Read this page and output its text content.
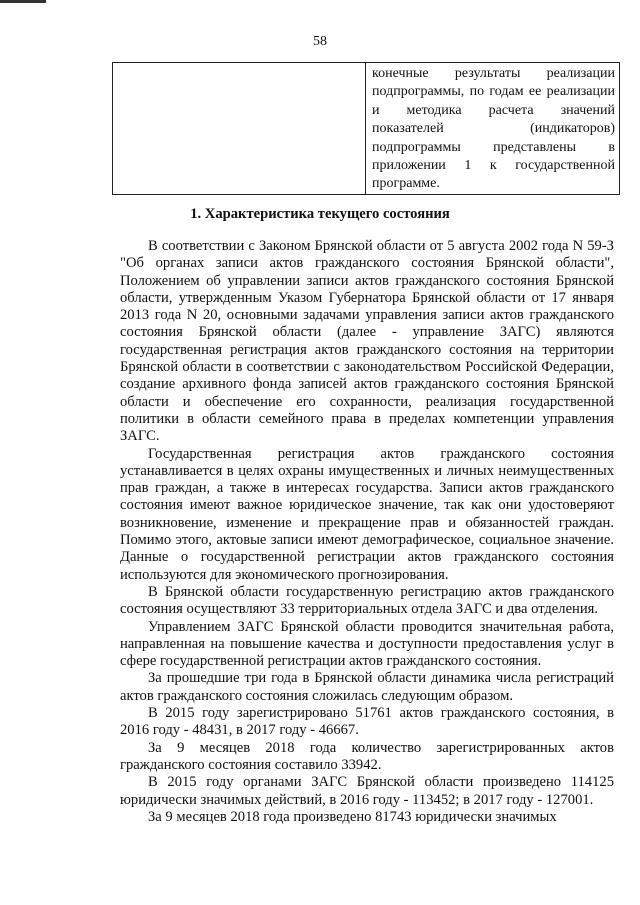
58
	конечные результаты реализации подпрограммы, по годам ее реализации и методика расчета значений показателей (индикаторов) подпрограммы представлены в приложении 1 к государственной программе.
1. Характеристика текущего состояния

В соответствии с Законом Брянской области от 5 августа 2002 года N 59-З "Об органах записи актов гражданского состояния Брянской области", Положением об управлении записи актов гражданского состояния Брянской области, утвержденным Указом Губернатора Брянской области от 17 января 2013 года N 20, основными задачами управления записи актов гражданского состояния Брянской области (далее - управление ЗАГС) являются государственная регистрация актов гражданского состояния на территории Брянской области в соответствии с законодательством Российской Федерации, создание архивного фонда записей актов гражданского состояния Брянской области и обеспечение его сохранности, реализация государственной политики в области семейного права в пределах компетенции управления ЗАГС.

Государственная регистрация актов гражданского состояния устанавливается в целях охраны имущественных и личных неимущественных прав граждан, а также в интересах государства. Записи актов гражданского состояния имеют важное юридическое значение, так как они удостоверяют возникновение, изменение и прекращение прав и обязанностей граждан. Помимо этого, актовые записи имеют демографическое, социальное значение. Данные о государственной регистрации актов гражданского состояния используются для экономического прогнозирования.

В Брянской области государственную регистрацию актов гражданского состояния осуществляют 33 территориальных отдела ЗАГС и два отделения.

Управлением ЗАГС Брянской области проводится значительная работа, направленная на повышение качества и доступности предоставления услуг в сфере государственной регистрации актов гражданского состояния.

За прошедшие три года в Брянской области динамика числа регистраций актов гражданского состояния сложилась следующим образом.

В 2015 году зарегистрировано 51761 актов гражданского состояния, в 2016 году - 48431, в 2017 году - 46667.

За 9 месяцев 2018 года количество зарегистрированных актов гражданского состояния составило 33942.

В 2015 году органами ЗАГС Брянской области произведено 114125 юридически значимых действий, в 2016 году - 113452; в 2017 году - 127001.

За 9 месяцев 2018 года произведено 81743 юридически значимых
